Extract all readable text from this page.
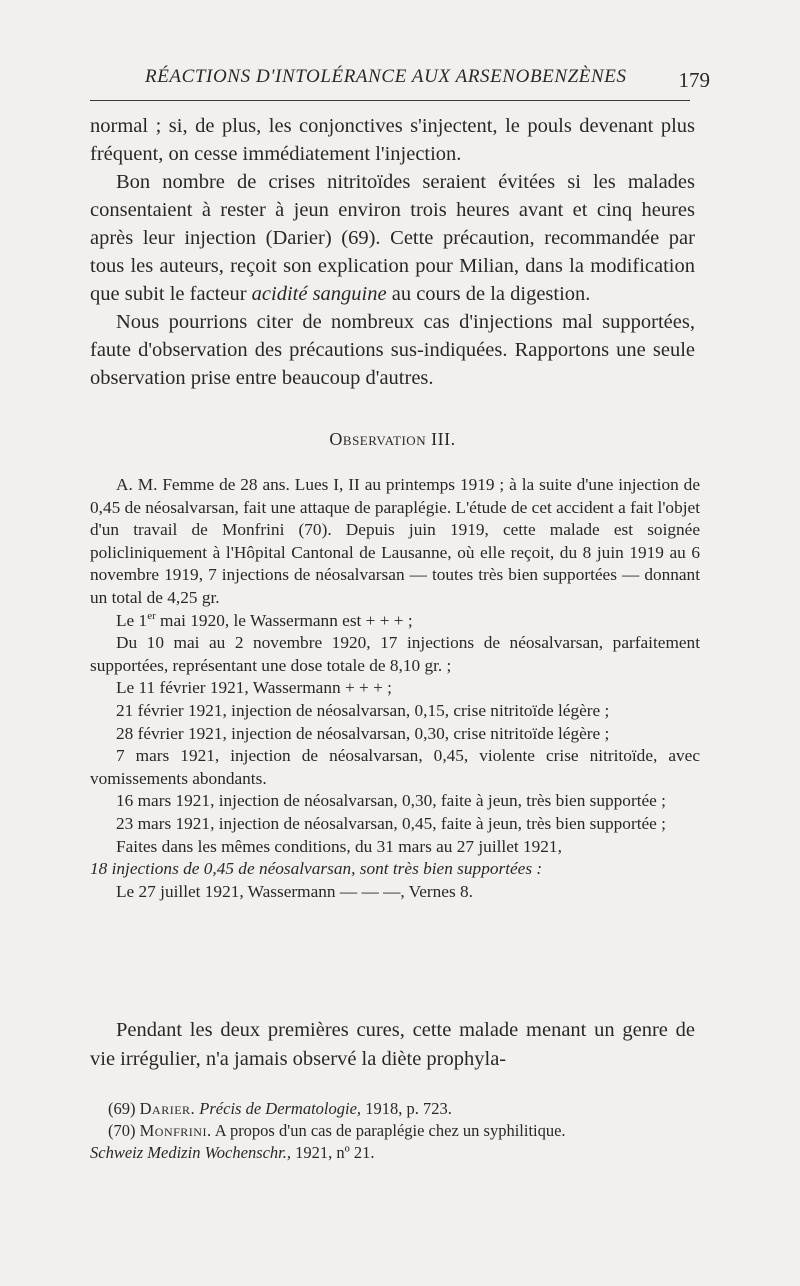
RÉACTIONS D'INTOLÉRANCE AUX ARSENOBENZÈNES 179

normal ; si, de plus, les conjonctives s'injectent, le pouls devenant plus fréquent, on cesse immédiatement l'injection.

Bon nombre de crises nitritoïdes seraient évitées si les malades consentaient à rester à jeun environ trois heures avant et cinq heures après leur injection (Darier) (69). Cette précaution, recommandée par tous les auteurs, reçoit son explication pour Milian, dans la modification que subit le facteur acidité sanguine au cours de la digestion.

Nous pourrions citer de nombreux cas d'injections mal supportées, faute d'observation des précautions sus-indiquées. Rapportons une seule observation prise entre beaucoup d'autres.

Observation III.

A. M. Femme de 28 ans. Lues I, II au printemps 1919 ; à la suite d'une injection de 0,45 de néosalvarsan, fait une attaque de paraplégie. L'étude de cet accident a fait l'objet d'un travail de Monfrini (70). Depuis juin 1919, cette malade est soignée policliniquement à l'Hôpital Cantonal de Lausanne, où elle reçoit, du 8 juin 1919 au 6 novembre 1919, 7 injections de néosalvarsan — toutes très bien supportées — donnant un total de 4,25 gr.

Le 1er mai 1920, le Wassermann est + + + ;

Du 10 mai au 2 novembre 1920, 17 injections de néosalvarsan, parfaitement supportées, représentant une dose totale de 8,10 gr. ;

Le 11 février 1921, Wassermann + + + ;

21 février 1921, injection de néosalvarsan, 0,15, crise nitritoïde légère ;

28 février 1921, injection de néosalvarsan, 0,30, crise nitritoïde légère ;

7 mars 1921, injection de néosalvarsan, 0,45, violente crise nitritoïde, avec vomissements abondants.

16 mars 1921, injection de néosalvarsan, 0,30, faite à jeun, très bien supportée ;

23 mars 1921, injection de néosalvarsan, 0,45, faite à jeun, très bien supportée ;

Faites dans les mêmes conditions, du 31 mars au 27 juillet 1921,

18 injections de 0,45 de néosalvarsan, sont très bien supportées :

Le 27 juillet 1921, Wassermann — — —, Vernes 8.

Pendant les deux premières cures, cette malade menant un genre de vie irrégulier, n'a jamais observé la diète prophyla-

(69) Darier. Précis de Dermatologie, 1918, p. 723.

(70) Monfrini. A propos d'un cas de paraplégie chez un syphilitique.

Schweiz Medizin Wochenschr., 1921, nº 21.
